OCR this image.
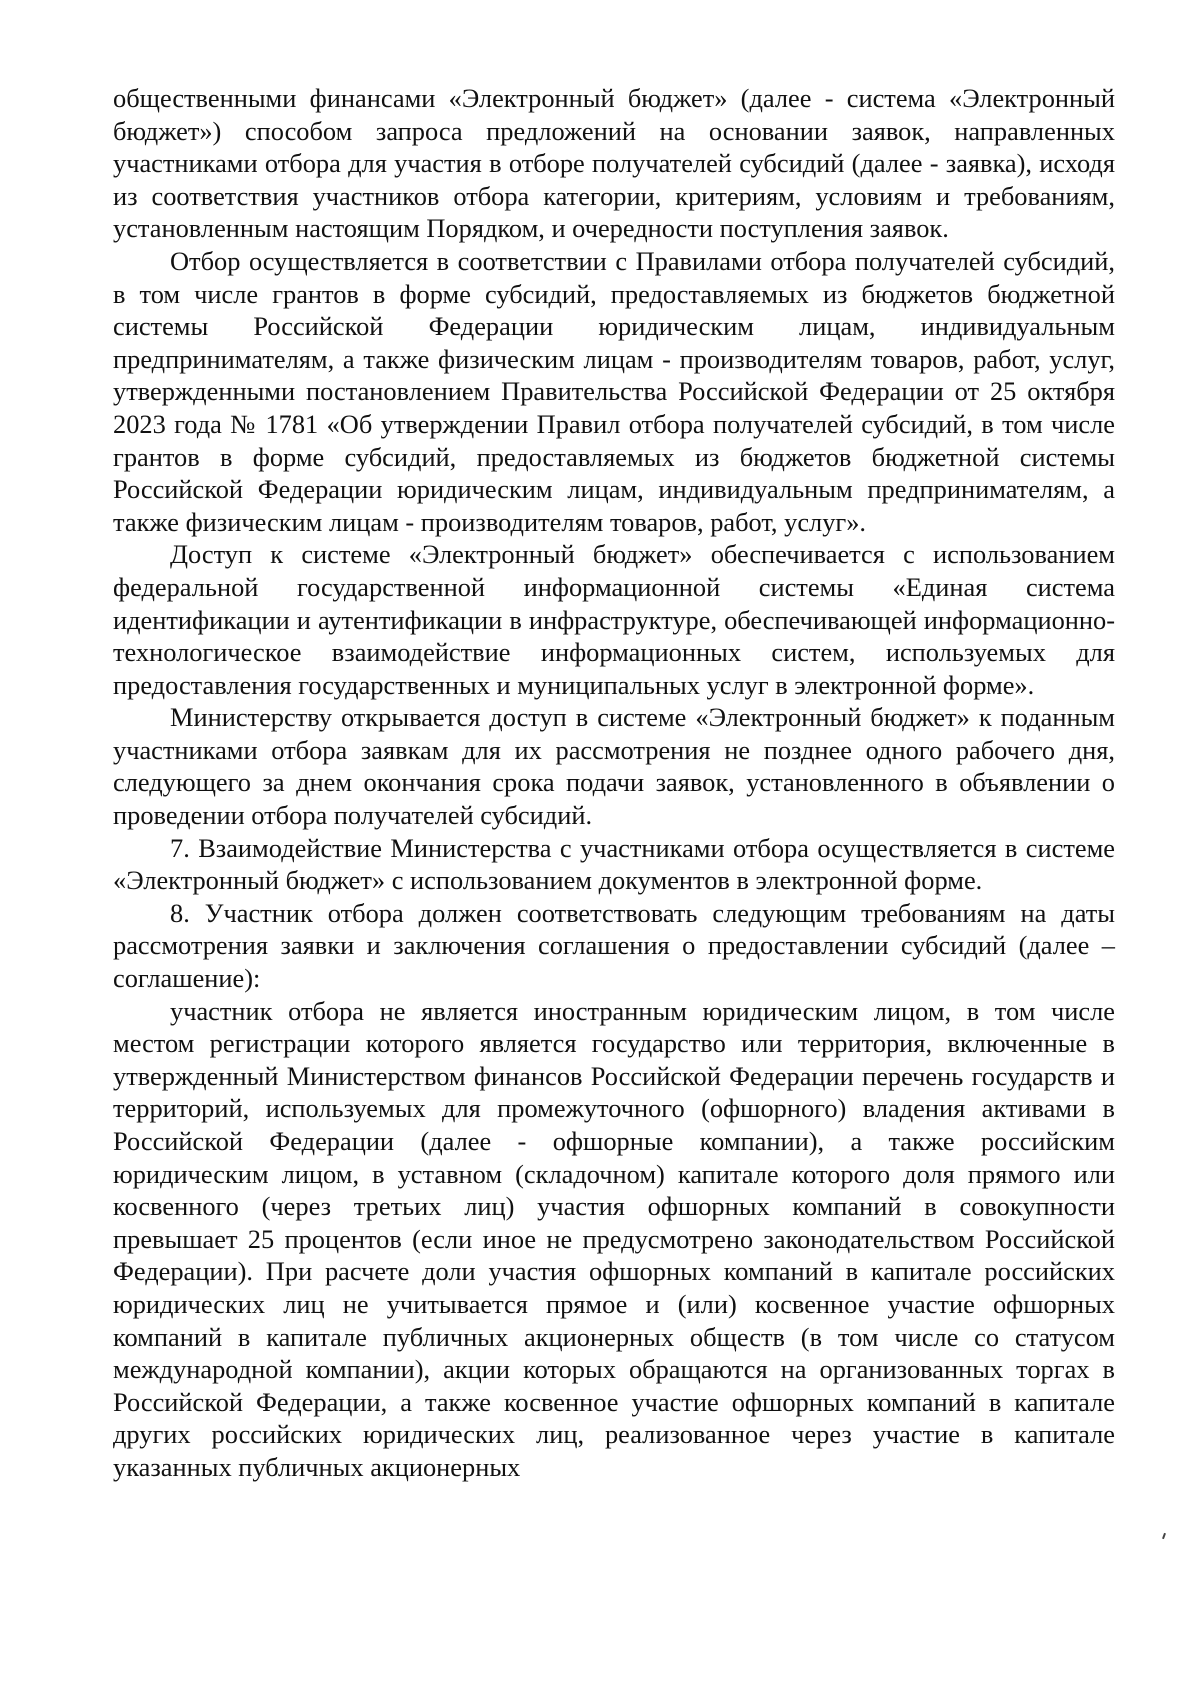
общественными финансами «Электронный бюджет» (далее - система «Электронный бюджет») способом запроса предложений на основании заявок, направленных участниками отбора для участия в отборе получателей субсидий (далее - заявка), исходя из соответствия участников отбора категории, критериям, условиям и требованиям, установленным настоящим Порядком, и очередности поступления заявок.

Отбор осуществляется в соответствии с Правилами отбора получателей субсидий, в том числе грантов в форме субсидий, предоставляемых из бюджетов бюджетной системы Российской Федерации юридическим лицам, индивидуальным предпринимателям, а также физическим лицам - производителям товаров, работ, услуг, утвержденными постановлением Правительства Российской Федерации от 25 октября 2023 года № 1781 «Об утверждении Правил отбора получателей субсидий, в том числе грантов в форме субсидий, предоставляемых из бюджетов бюджетной системы Российской Федерации юридическим лицам, индивидуальным предпринимателям, а также физическим лицам - производителям товаров, работ, услуг».

Доступ к системе «Электронный бюджет» обеспечивается с использованием федеральной государственной информационной системы «Единая система идентификации и аутентификации в инфраструктуре, обеспечивающей информационно-технологическое взаимодействие информационных систем, используемых для предоставления государственных и муниципальных услуг в электронной форме».

Министерству открывается доступ в системе «Электронный бюджет» к поданным участниками отбора заявкам для их рассмотрения не позднее одного рабочего дня, следующего за днем окончания срока подачи заявок, установленного в объявлении о проведении отбора получателей субсидий.

7. Взаимодействие Министерства с участниками отбора осуществляется в системе «Электронный бюджет» с использованием документов в электронной форме.

8. Участник отбора должен соответствовать следующим требованиям на даты рассмотрения заявки и заключения соглашения о предоставлении субсидий (далее – соглашение):

участник отбора не является иностранным юридическим лицом, в том числе местом регистрации которого является государство или территория, включенные в утвержденный Министерством финансов Российской Федерации перечень государств и территорий, используемых для промежуточного (офшорного) владения активами в Российской Федерации (далее - офшорные компании), а также российским юридическим лицом, в уставном (складочном) капитале которого доля прямого или косвенного (через третьих лиц) участия офшорных компаний в совокупности превышает 25 процентов (если иное не предусмотрено законодательством Российской Федерации). При расчете доли участия офшорных компаний в капитале российских юридических лиц не учитывается прямое и (или) косвенное участие офшорных компаний в капитале публичных акционерных обществ (в том числе со статусом международной компании), акции которых обращаются на организованных торгах в Российской Федерации, а также косвенное участие офшорных компаний в капитале других российских юридических лиц, реализованное через участие в капитале указанных публичных акционерных
